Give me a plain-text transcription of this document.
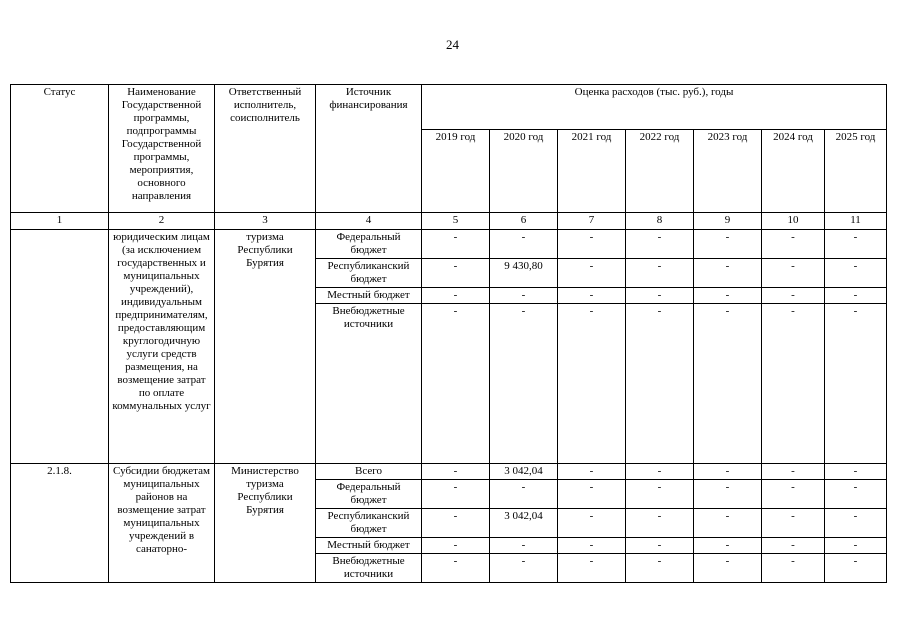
24
Статус	Наименование Государственной программы, подпрограммы Государственной программы, мероприятия, основного направления	Ответственный исполнитель, соисполнитель	Источник финансирования	Оценка расходов (тыс. руб.), годы						
				2019 год	2020 год	2021 год	2022 год	2023 год	2024 год	2025 год
1	2	3	4	5	6	7	8	9	10	11
	юридическим лицам (за исключением государственных и муниципальных учреждений), индивидуальным предпринимателям, предоставляющим круглогодичную услуги средств размещения, на возмещение затрат по оплате коммунальных услуг	туризма Республики Бурятия	Федеральный бюджет	-	-	-	-	-	-	-
			Республиканский бюджет	-	9 430,80	-	-	-	-	-
			Местный бюджет	-	-	-	-	-	-	-
			Внебюджетные источники	-	-	-	-	-	-	-
2.1.8.	Субсидии бюджетам муниципальных районов на возмещение затрат муниципальных учреждений в санаторно-	Министерство туризма Республики Бурятия	Всего	-	3 042,04	-	-	-	-	-
			Федеральный бюджет	-	-	-	-	-	-	-
			Республиканский бюджет	-	3 042,04	-	-	-	-	-
			Местный бюджет	-	-	-	-	-	-	-
			Внебюджетные источники	-	-	-	-	-	-	-
